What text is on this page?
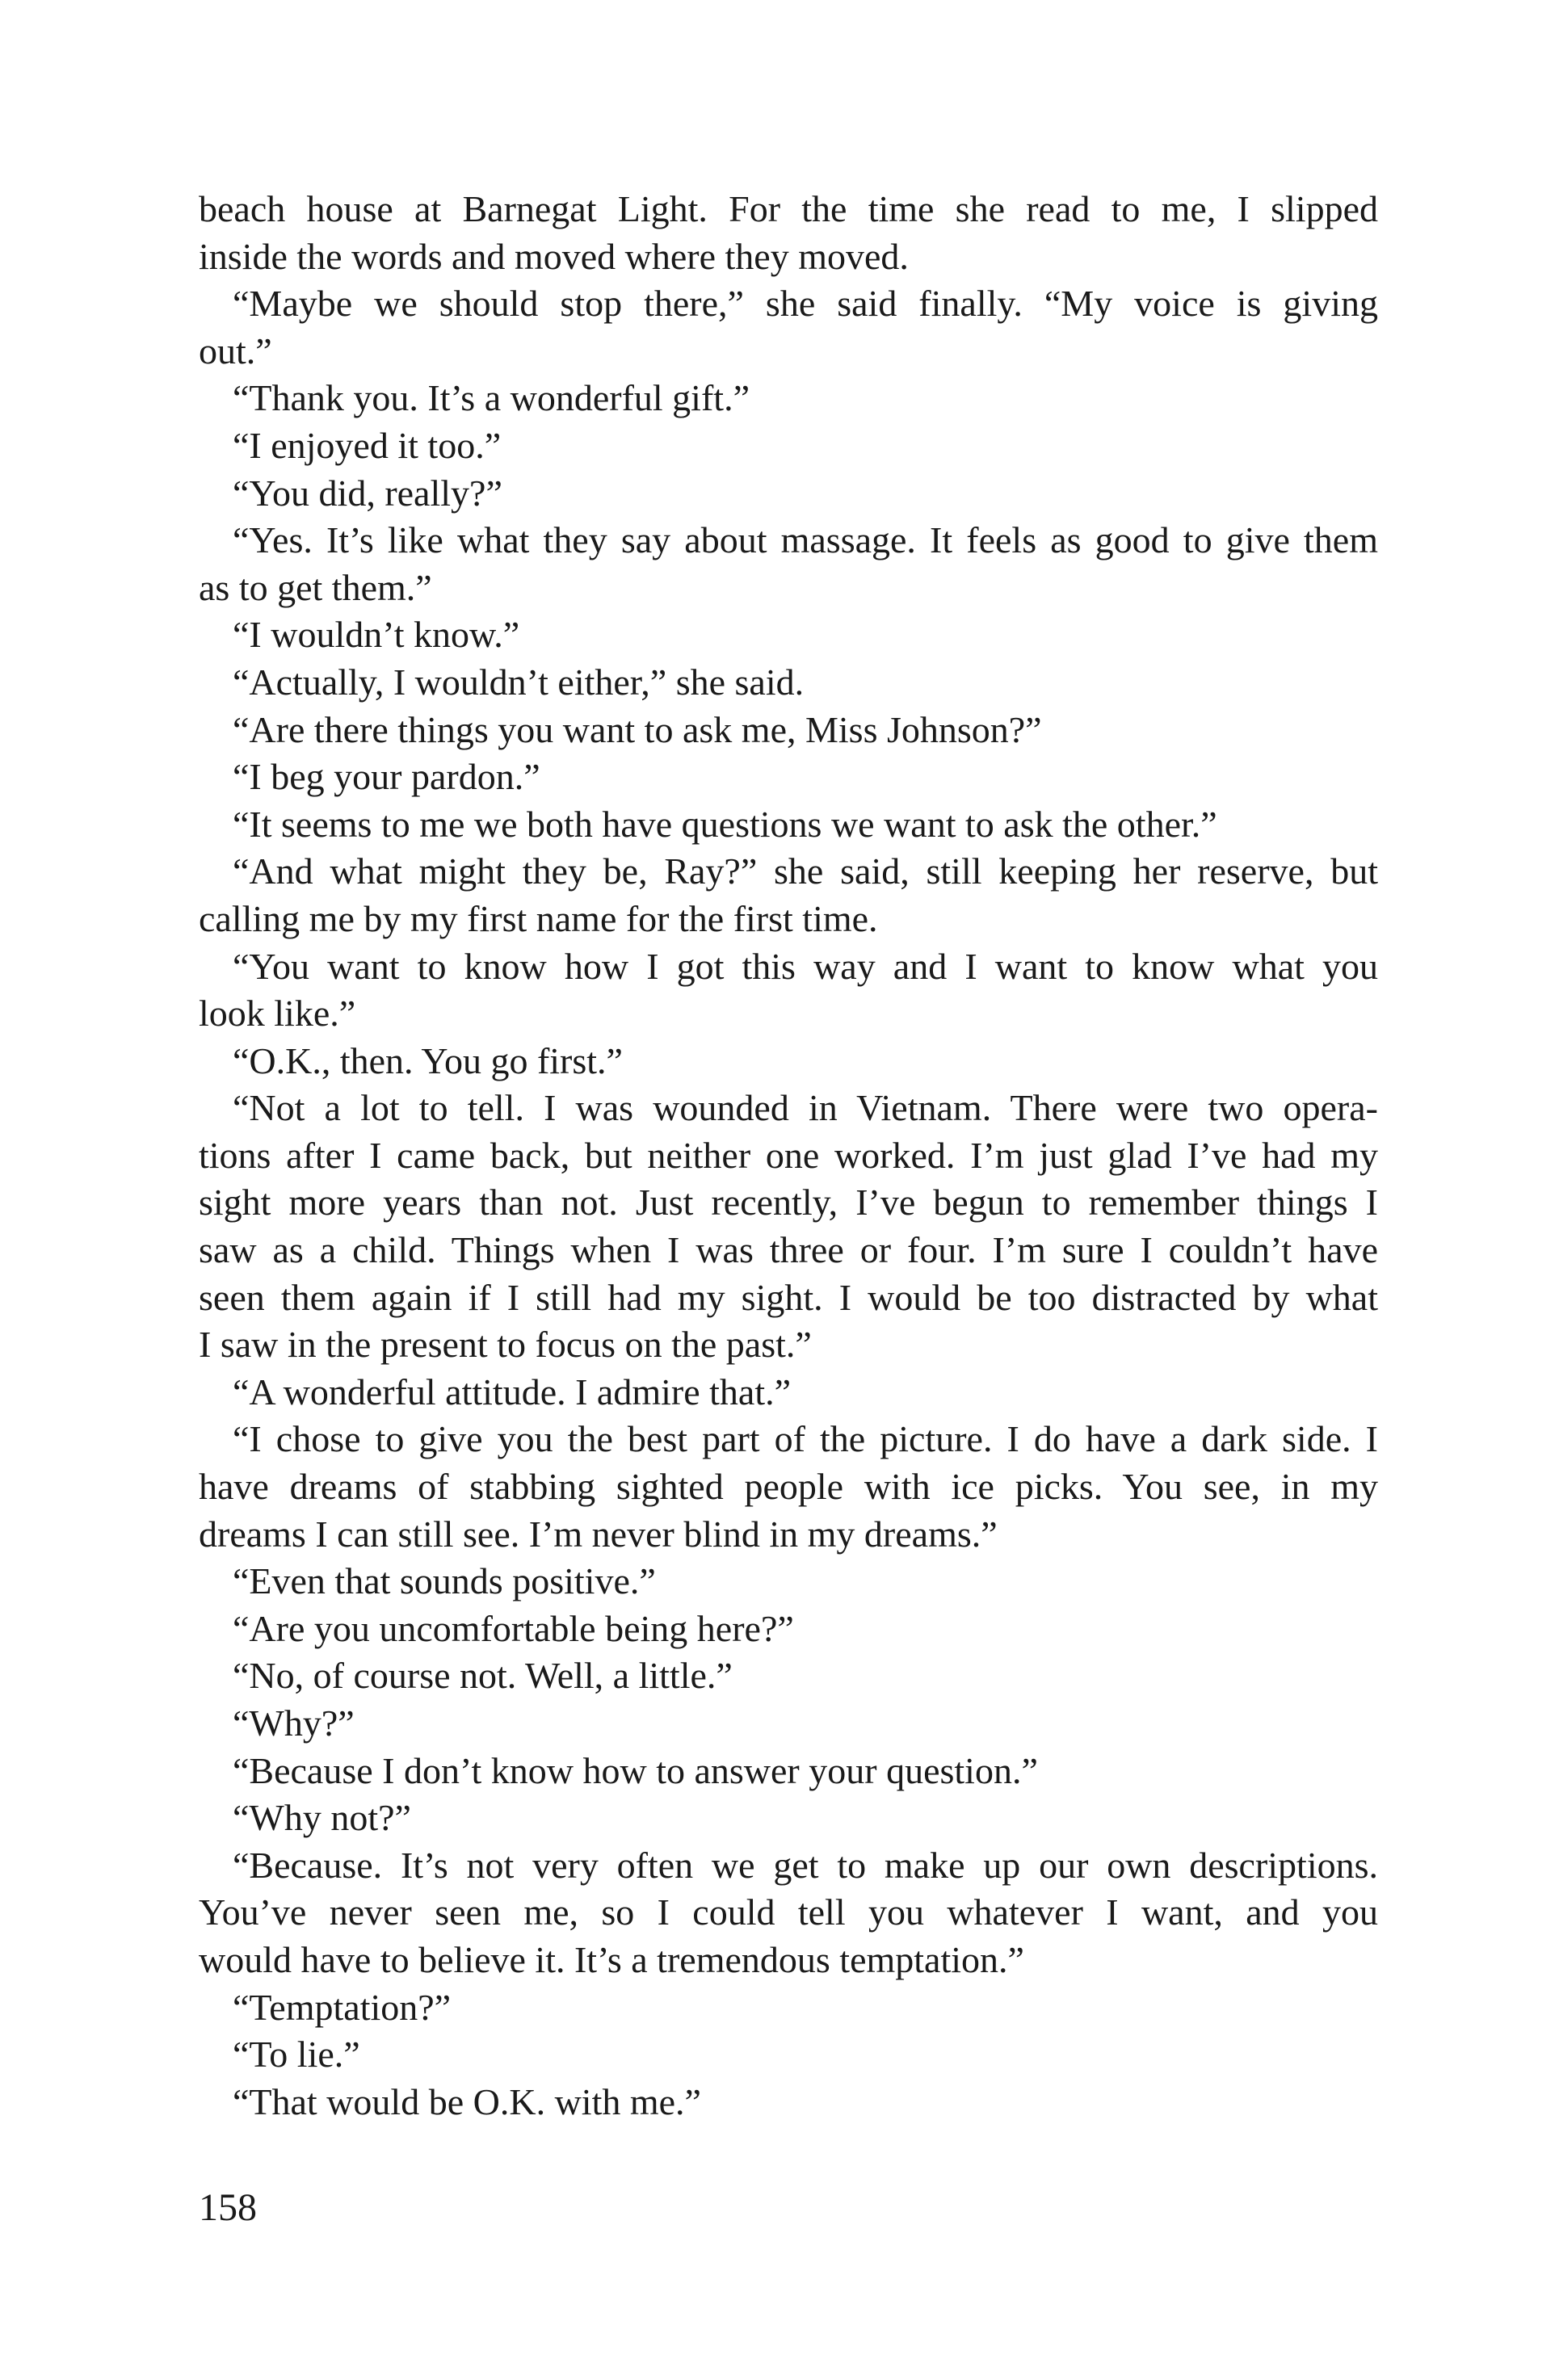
beach house at Barnegat Light. For the time she read to me, I slipped
inside the words and moved where they moved.
“Maybe we should stop there,” she said finally. “My voice is giving
out.”
“Thank you. It’s a wonderful gift.”
“I enjoyed it too.”
“You did, really?”
“Yes. It’s like what they say about massage. It feels as good to give them
as to get them.”
“I wouldn’t know.”
“Actually, I wouldn’t either,” she said.
“Are there things you want to ask me, Miss Johnson?”
“I beg your pardon.”
“It seems to me we both have questions we want to ask the other.”
“And what might they be, Ray?” she said, still keeping her reserve, but
calling me by my first name for the first time.
“You want to know how I got this way and I want to know what you
look like.”
“O.K., then. You go first.”
“Not a lot to tell. I was wounded in Vietnam. There were two opera-
tions after I came back, but neither one worked. I’m just glad I’ve had my
sight more years than not. Just recently, I’ve begun to remember things I
saw as a child. Things when I was three or four. I’m sure I couldn’t have
seen them again if I still had my sight. I would be too distracted by what
I saw in the present to focus on the past.”
“A wonderful attitude. I admire that.”
“I chose to give you the best part of the picture. I do have a dark side. I
have dreams of stabbing sighted people with ice picks. You see, in my
dreams I can still see. I’m never blind in my dreams.”
“Even that sounds positive.”
“Are you uncomfortable being here?”
“No, of course not. Well, a little.”
“Why?”
“Because I don’t know how to answer your question.”
“Why not?”
“Because. It’s not very often we get to make up our own descriptions.
You’ve never seen me, so I could tell you whatever I want, and you
would have to believe it. It’s a tremendous temptation.”
“Temptation?”
“To lie.”
“That would be O.K. with me.”
158
